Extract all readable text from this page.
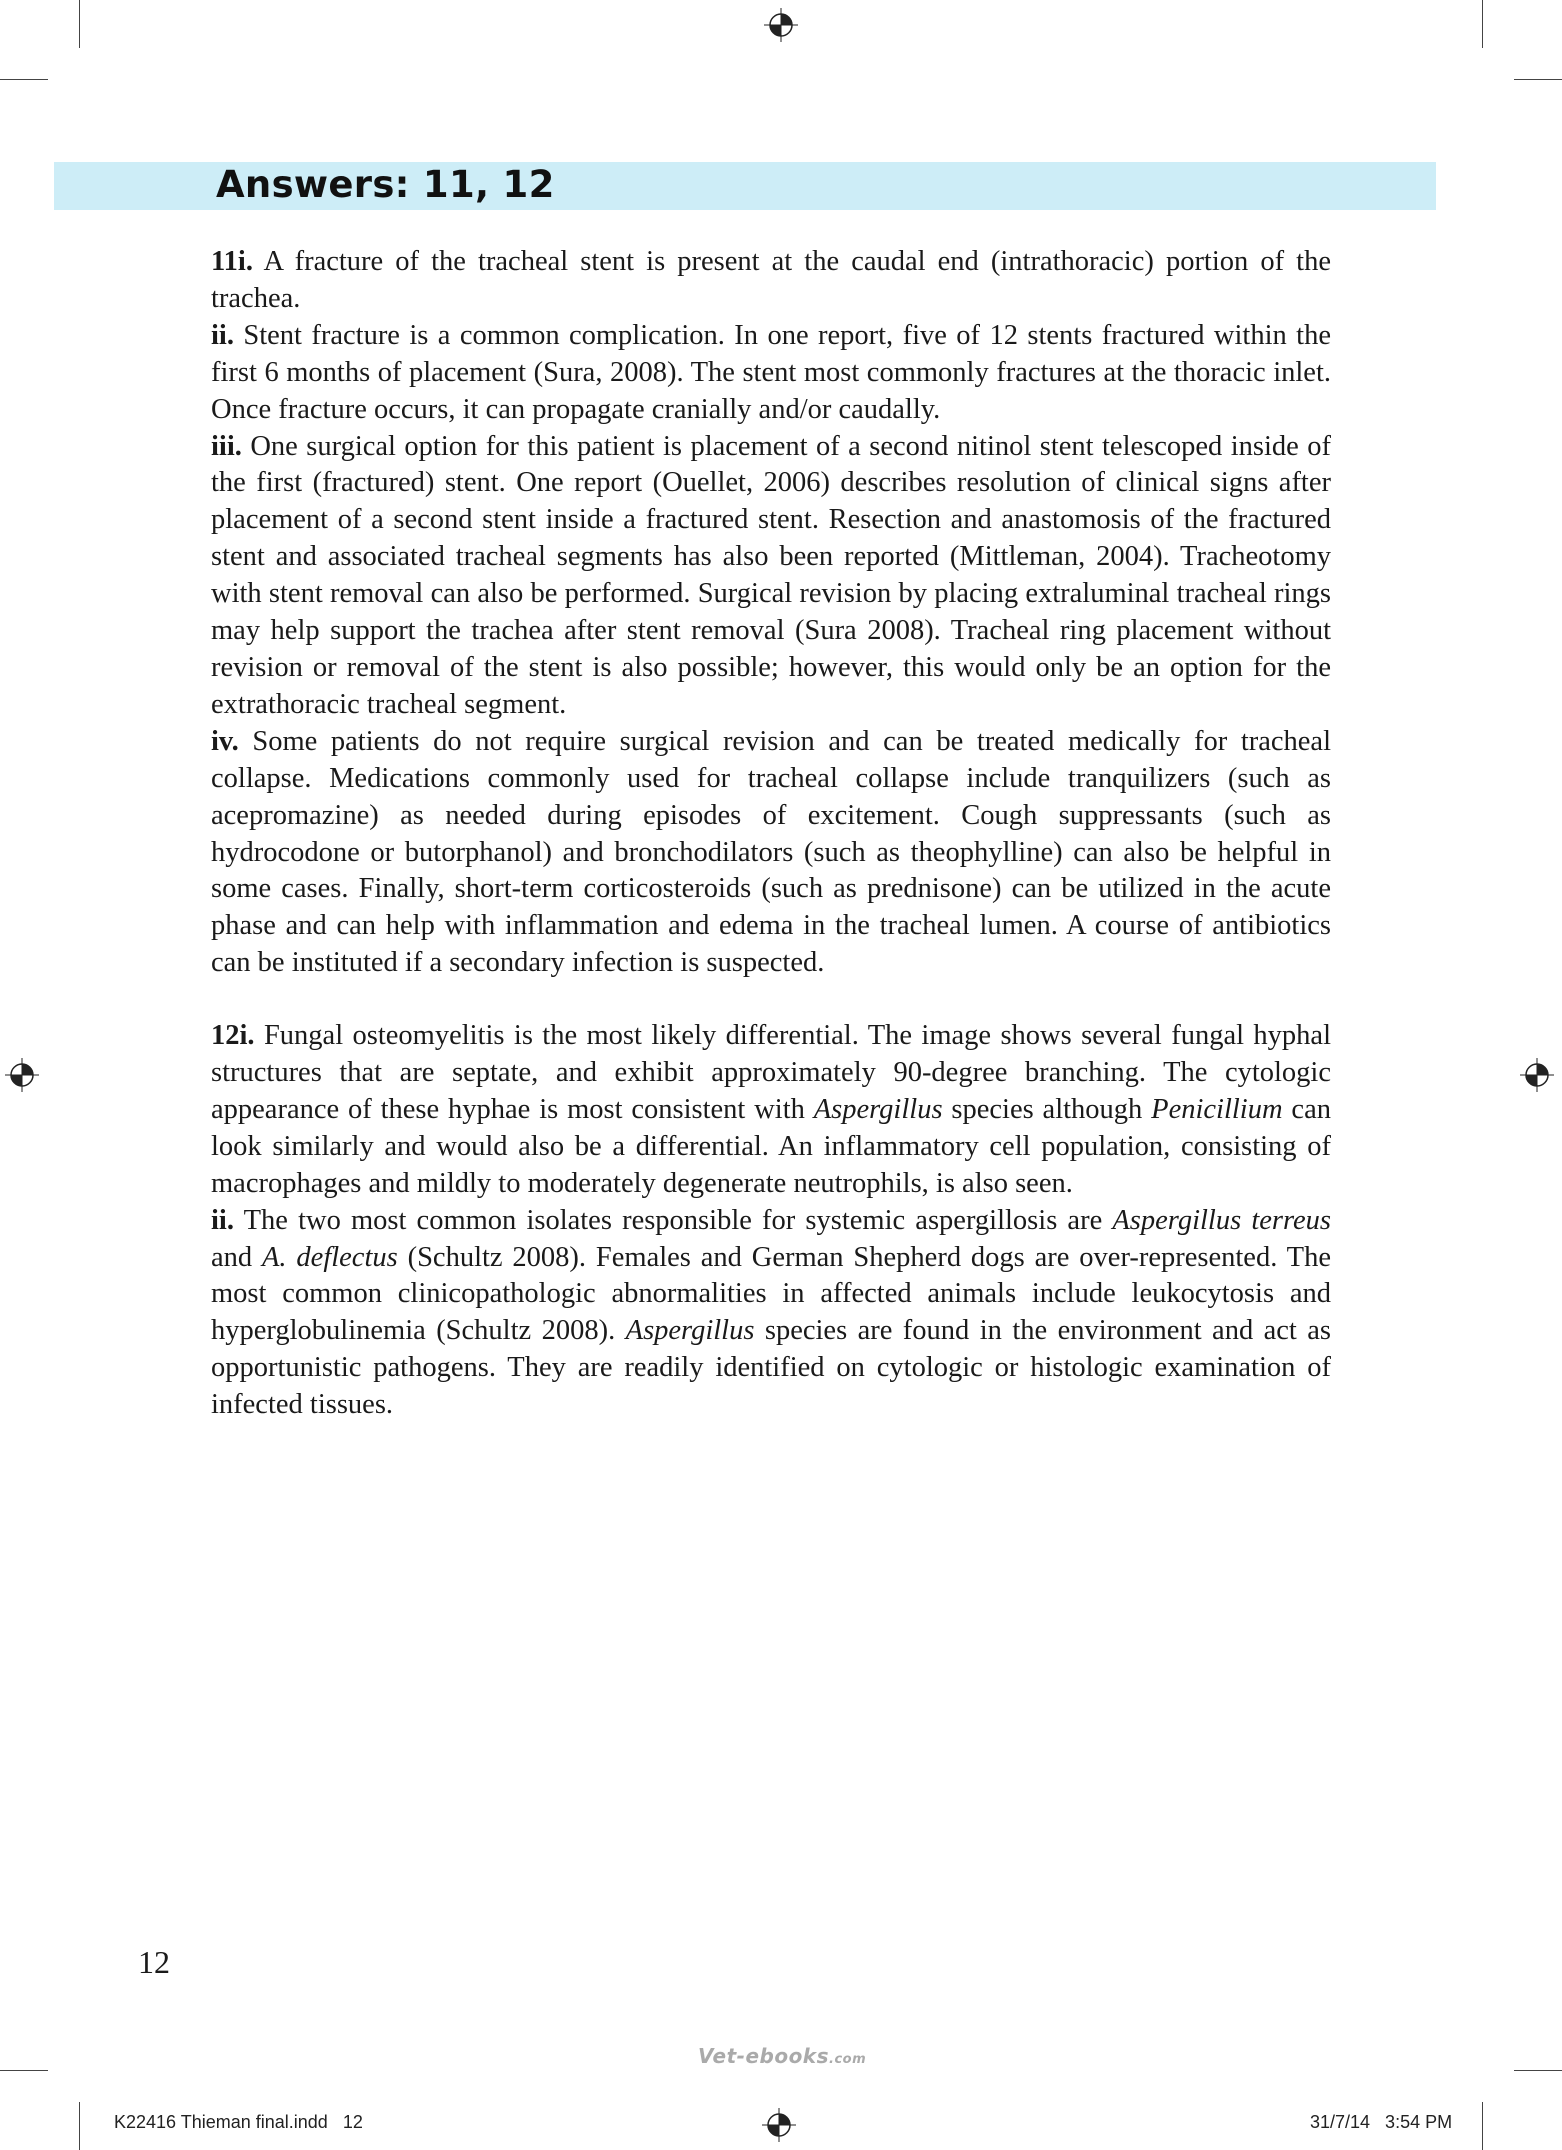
Answers: 11, 12

11i. A fracture of the tracheal stent is present at the caudal end (intrathoracic) portion of the trachea.

ii. Stent fracture is a common complication. In one report, five of 12 stents fractured within the first 6 months of placement (Sura, 2008). The stent most commonly fractures at the thoracic inlet. Once fracture occurs, it can propagate cranially and/or caudally.

iii. One surgical option for this patient is placement of a second nitinol stent telescoped inside of the first (fractured) stent. One report (Ouellet, 2006) describes resolution of clinical signs after placement of a second stent inside a fractured stent. Resection and anastomosis of the fractured stent and associated tracheal segments has also been reported (Mittleman, 2004). Tracheotomy with stent removal can also be performed. Surgical revision by placing extraluminal tracheal rings may help support the trachea after stent removal (Sura 2008). Tracheal ring placement without revision or removal of the stent is also possible; however, this would only be an option for the extrathoracic tracheal segment.

iv. Some patients do not require surgical revision and can be treated medically for tracheal collapse. Medications commonly used for tracheal collapse include tranquilizers (such as acepromazine) as needed during episodes of excitement. Cough suppressants (such as hydrocodone or butorphanol) and bronchodilators (such as theophylline) can also be helpful in some cases. Finally, short-term corticosteroids (such as prednisone) can be utilized in the acute phase and can help with inflammation and edema in the tracheal lumen. A course of antibiotics can be instituted if a secondary infection is suspected.

12i. Fungal osteomyelitis is the most likely differential. The image shows several fungal hyphal structures that are septate, and exhibit approximately 90-degree branching. The cytologic appearance of these hyphae is most consistent with Aspergillus species although Penicillium can look similarly and would also be a differential. An inflammatory cell population, consisting of macrophages and mildly to moderately degenerate neutrophils, is also seen.

ii. The two most common isolates responsible for systemic aspergillosis are Aspergillus terreus and A. deflectus (Schultz 2008). Females and German Shepherd dogs are over-represented. The most common clinicopathologic abnormalities in affected animals include leukocytosis and hyperglobulinemia (Schultz 2008). Aspergillus species are found in the environment and act as opportunistic pathogens. They are readily identified on cytologic or histologic examination of infected tissues.

12
Vet-ebooks.com
K22416 Thieman final.indd   12	31/7/14   3:54 PM
